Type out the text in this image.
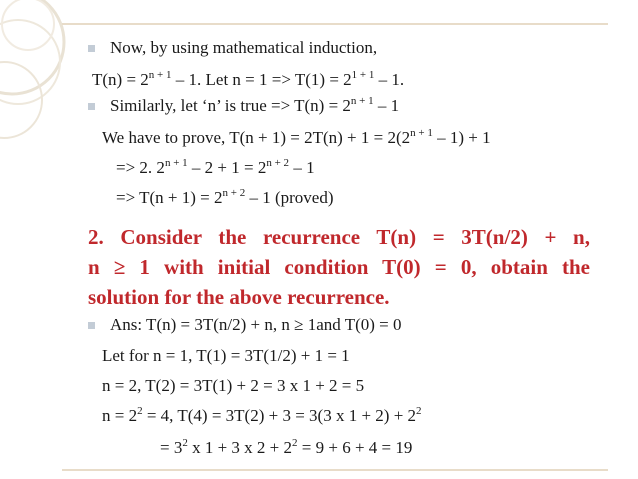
Now, by using mathematical induction,
$T(n) = 2^{n + 1} - 1$. Let $n = 1 => T(1) = 2^{1 + 1} - 1$.
Similarly, let ‘n’ is true => $T(n) = 2^{n + 1} - 1$
We have to prove, $T(n + 1) = 2T(n) + 1 = 2(2^{n + 1} - 1) + 1$
=> 2. $2^{n + 1} - 2 + 1 = 2^{n + 2} - 1$
=> $T(n + 1) = 2^{n + 2} - 1$ (proved)
2. Consider the recurrence T(n) = 3T(n/2) + n,
n ≥ 1 with initial condition T(0) = 0, obtain the
solution for the above recurrence.
Ans: T(n) = 3T(n/2) + n, n ≥ 1and T(0) = 0
Let for n = 1, T(1) = 3T(1/2) + 1 = 1
n = 2, T(2) = 3T(1) + 2 = 3 x 1 + 2 = 5
$n = 2^2 = 4$, T(4) = 3T(2) + 3 = 3(3 x $1 + 2) + 2^2$
= $3^2$ x 1 + 3 x $2 + 2^2 = 9 + 6 + 4 = 19$
